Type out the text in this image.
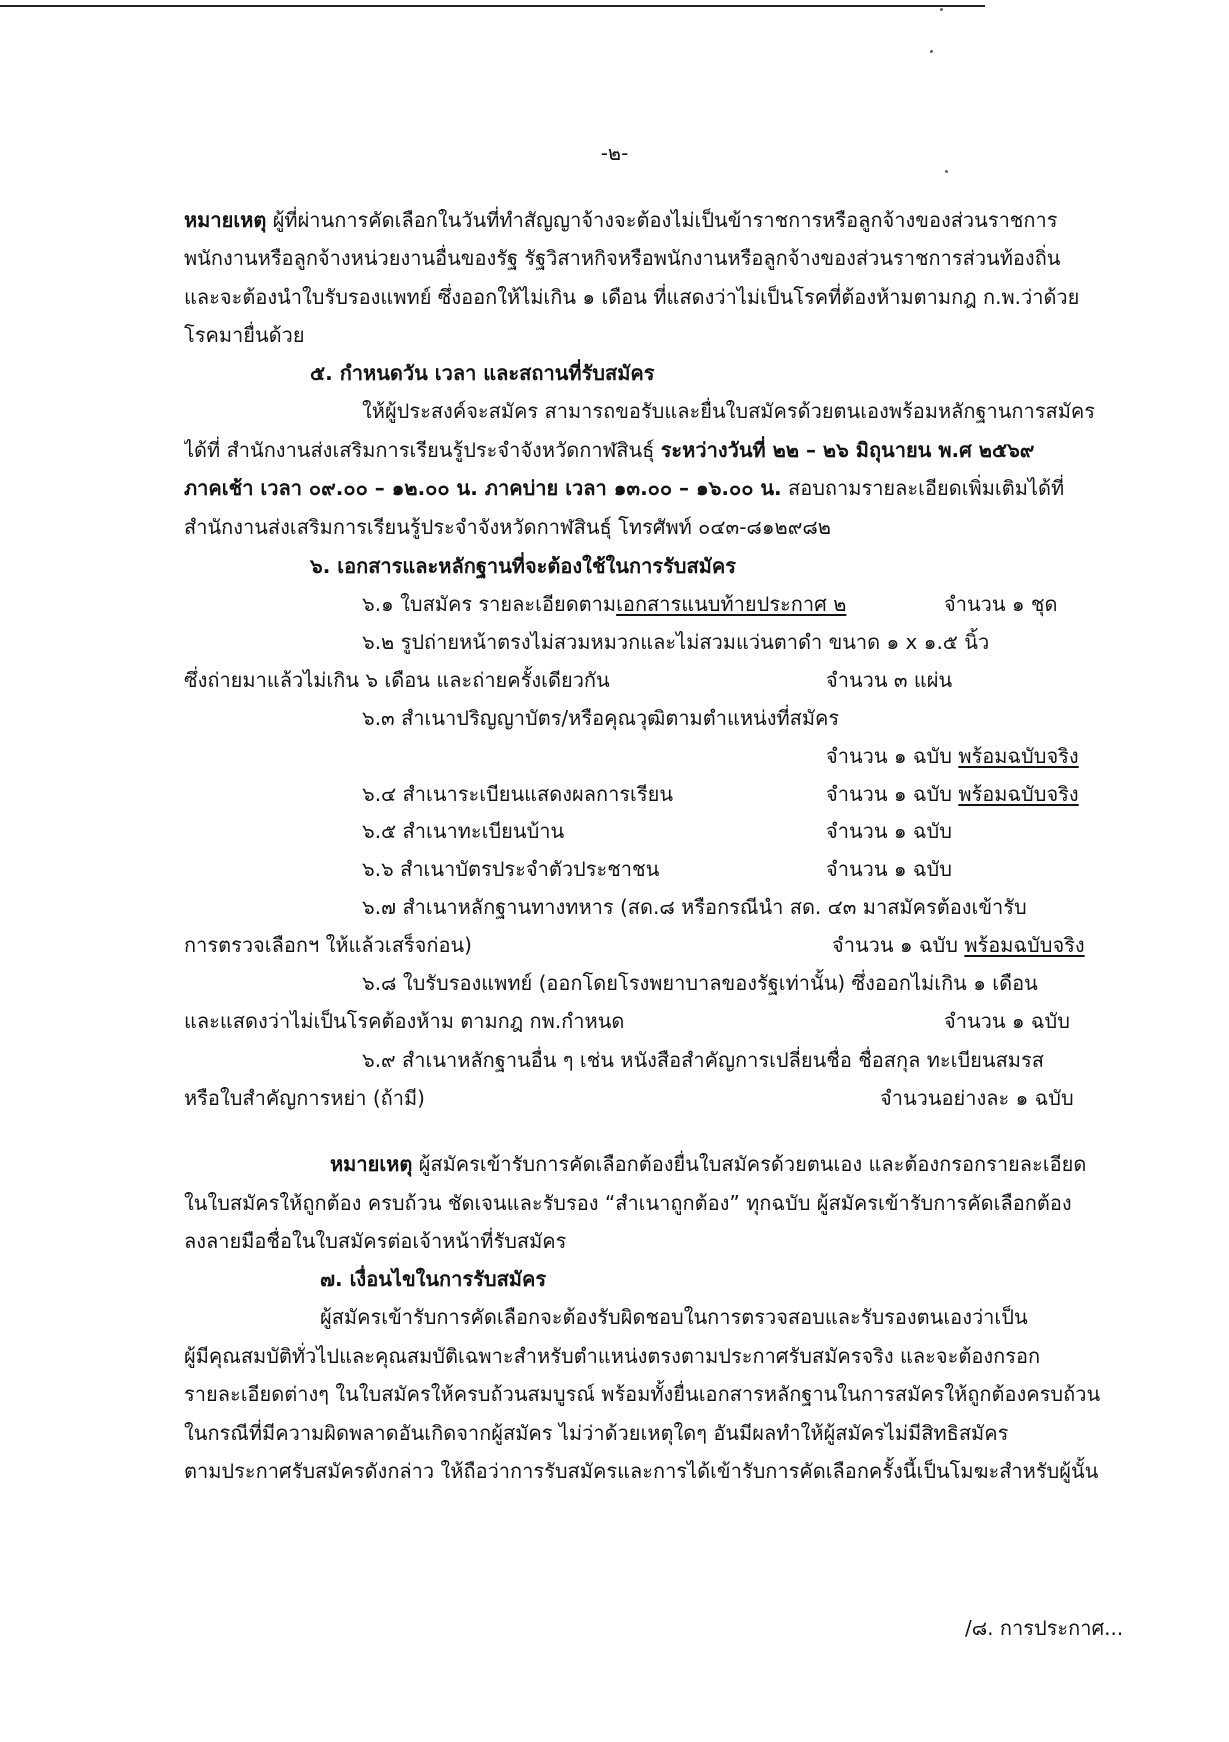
-๒-
หมายเหตุ ผู้ที่ผ่านการคัดเลือกในวันที่ทำสัญญาจ้างจะต้องไม่เป็นข้าราชการหรือลูกจ้างของส่วนราชการ
พนักงานหรือลูกจ้างหน่วยงานอื่นของรัฐ รัฐวิสาหกิจหรือพนักงานหรือลูกจ้างของส่วนราชการส่วนท้องถิ่น
และจะต้องนำใบรับรองแพทย์ ซึ่งออกให้ไม่เกิน ๑ เดือน ที่แสดงว่าไม่เป็นโรคที่ต้องห้ามตามกฎ ก.พ.ว่าด้วย
โรคมายื่นด้วย
๕. กำหนดวัน เวลา และสถานที่รับสมัคร
ให้ผู้ประสงค์จะสมัคร สามารถขอรับและยื่นใบสมัครด้วยตนเองพร้อมหลักฐานการสมัคร
ได้ที่ สำนักงานส่งเสริมการเรียนรู้ประจำจังหวัดกาฬสินธุ์ ระหว่างวันที่ ๒๒ – ๒๖ มิถุนายน พ.ศ ๒๕๖๙
ภาคเช้า เวลา ๐๙.๐๐ – ๑๒.๐๐ น. ภาคบ่าย เวลา ๑๓.๐๐ – ๑๖.๐๐ น. สอบถามรายละเอียดเพิ่มเติมได้ที่
สำนักงานส่งเสริมการเรียนรู้ประจำจังหวัดกาฬสินธุ์ โทรศัพท์ ๐๔๓-๘๑๒๙๘๒
๖. เอกสารและหลักฐานที่จะต้องใช้ในการรับสมัคร
๖.๑ ใบสมัคร รายละเอียดตามเอกสารแนบท้ายประกาศ ๒	จำนวน ๑ ชุด
๖.๒ รูปถ่ายหน้าตรงไม่สวมหมวกและไม่สวมแว่นตาดำ ขนาด ๑ x ๑.๕ นิ้ว
ซึ่งถ่ายมาแล้วไม่เกิน ๖ เดือน และถ่ายครั้งเดียวกัน	จำนวน ๓ แผ่น
๖.๓ สำเนาปริญญาบัตร/หรือคุณวุฒิตามตำแหน่งที่สมัคร
จำนวน ๑ ฉบับ พร้อมฉบับจริง
๖.๔ สำเนาระเบียนแสดงผลการเรียน	จำนวน ๑ ฉบับ พร้อมฉบับจริง
๖.๕ สำเนาทะเบียนบ้าน	จำนวน ๑ ฉบับ
๖.๖ สำเนาบัตรประจำตัวประชาชน	จำนวน ๑ ฉบับ
๖.๗ สำเนาหลักฐานทางทหาร (สด.๘ หรือกรณีนำ สด. ๔๓ มาสมัครต้องเข้ารับ
การตรวจเลือกฯ ให้แล้วเสร็จก่อน)	จำนวน ๑ ฉบับ พร้อมฉบับจริง
๖.๘ ใบรับรองแพทย์ (ออกโดยโรงพยาบาลของรัฐเท่านั้น) ซึ่งออกไม่เกิน ๑ เดือน
และแสดงว่าไม่เป็นโรคต้องห้าม ตามกฎ กพ.กำหนด	จำนวน ๑ ฉบับ
๖.๙ สำเนาหลักฐานอื่น ๆ เช่น หนังสือสำคัญการเปลี่ยนชื่อ ชื่อสกุล ทะเบียนสมรส
หรือใบสำคัญการหย่า (ถ้ามี)	จำนวนอย่างละ ๑ ฉบับ
หมายเหตุ ผู้สมัครเข้ารับการคัดเลือกต้องยื่นใบสมัครด้วยตนเอง และต้องกรอกรายละเอียด
ในใบสมัครให้ถูกต้อง ครบถ้วน ชัดเจนและรับรอง “สำเนาถูกต้อง” ทุกฉบับ ผู้สมัครเข้ารับการคัดเลือกต้อง
ลงลายมือชื่อในใบสมัครต่อเจ้าหน้าที่รับสมัคร
๗. เงื่อนไขในการรับสมัคร
ผู้สมัครเข้ารับการคัดเลือกจะต้องรับผิดชอบในการตรวจสอบและรับรองตนเองว่าเป็น
ผู้มีคุณสมบัติทั่วไปและคุณสมบัติเฉพาะสำหรับตำแหน่งตรงตามประกาศรับสมัครจริง และจะต้องกรอก
รายละเอียดต่างๆ ในใบสมัครให้ครบถ้วนสมบูรณ์ พร้อมทั้งยื่นเอกสารหลักฐานในการสมัครให้ถูกต้องครบถ้วน
ในกรณีที่มีความผิดพลาดอันเกิดจากผู้สมัคร ไม่ว่าด้วยเหตุใดๆ อันมีผลทำให้ผู้สมัครไม่มีสิทธิสมัคร
ตามประกาศรับสมัครดังกล่าว ให้ถือว่าการรับสมัครและการได้เข้ารับการคัดเลือกครั้งนี้เป็นโมฆะสำหรับผู้นั้น
/๘. การประกาศ...
